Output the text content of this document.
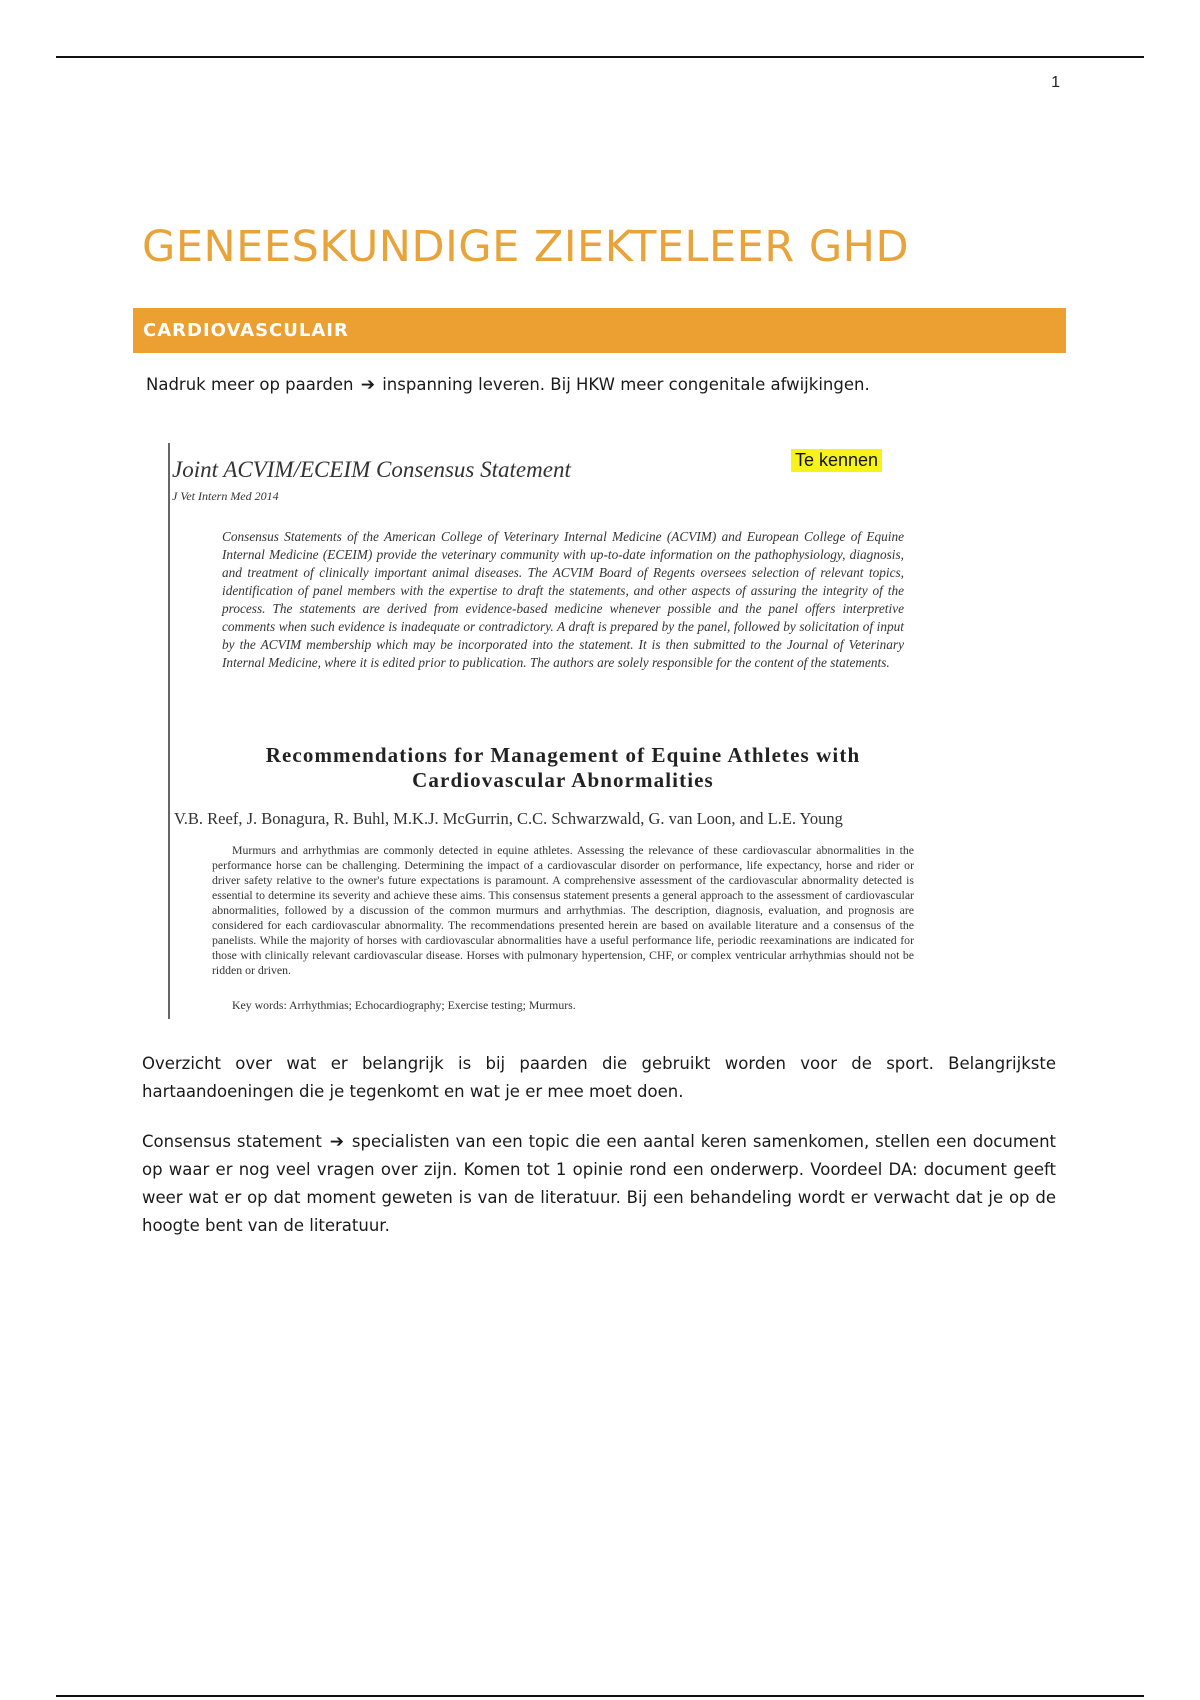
1
GENEESKUNDIGE ZIEKTELEER GHD
CARDIOVASCULAIR
Nadruk meer op paarden ➔ inspanning leveren. Bij HKW meer congenitale afwijkingen.
Joint ACVIM/ECEIM Consensus Statement
J Vet Intern Med 2014
Te kennen
Consensus Statements of the American College of Veterinary Internal Medicine (ACVIM) and European College of Equine Internal Medicine (ECEIM) provide the veterinary community with up-to-date information on the pathophysiology, diagnosis, and treatment of clinically important animal diseases. The ACVIM Board of Regents oversees selection of relevant topics, identification of panel members with the expertise to draft the statements, and other aspects of assuring the integrity of the process. The statements are derived from evidence-based medicine whenever possible and the panel offers interpretive comments when such evidence is inadequate or contradictory. A draft is prepared by the panel, followed by solicitation of input by the ACVIM membership which may be incorporated into the statement. It is then submitted to the Journal of Veterinary Internal Medicine, where it is edited prior to publication. The authors are solely responsible for the content of the statements.
Recommendations for Management of Equine Athletes with Cardiovascular Abnormalities
V.B. Reef, J. Bonagura, R. Buhl, M.K.J. McGurrin, C.C. Schwarzwald, G. van Loon, and L.E. Young
Murmurs and arrhythmias are commonly detected in equine athletes. Assessing the relevance of these cardiovascular abnormalities in the performance horse can be challenging. Determining the impact of a cardiovascular disorder on performance, life expectancy, horse and rider or driver safety relative to the owner's future expectations is paramount. A comprehensive assessment of the cardiovascular abnormality detected is essential to determine its severity and achieve these aims. This consensus statement presents a general approach to the assessment of cardiovascular abnormalities, followed by a discussion of the common murmurs and arrhythmias. The description, diagnosis, evaluation, and prognosis are considered for each cardiovascular abnormality. The recommendations presented herein are based on available literature and a consensus of the panelists. While the majority of horses with cardiovascular abnormalities have a useful performance life, periodic reexaminations are indicated for those with clinically relevant cardiovascular disease. Horses with pulmonary hypertension, CHF, or complex ventricular arrhythmias should not be ridden or driven.
Key words: Arrhythmias; Echocardiography; Exercise testing; Murmurs.
Overzicht over wat er belangrijk is bij paarden die gebruikt worden voor de sport. Belangrijkste hartaandoeningen die je tegenkomt en wat je er mee moet doen.
Consensus statement ➔ specialisten van een topic die een aantal keren samenkomen, stellen een document op waar er nog veel vragen over zijn. Komen tot 1 opinie rond een onderwerp. Voordeel DA: document geeft weer wat er op dat moment geweten is van de literatuur. Bij een behandeling wordt er verwacht dat je op de hoogte bent van de literatuur.
